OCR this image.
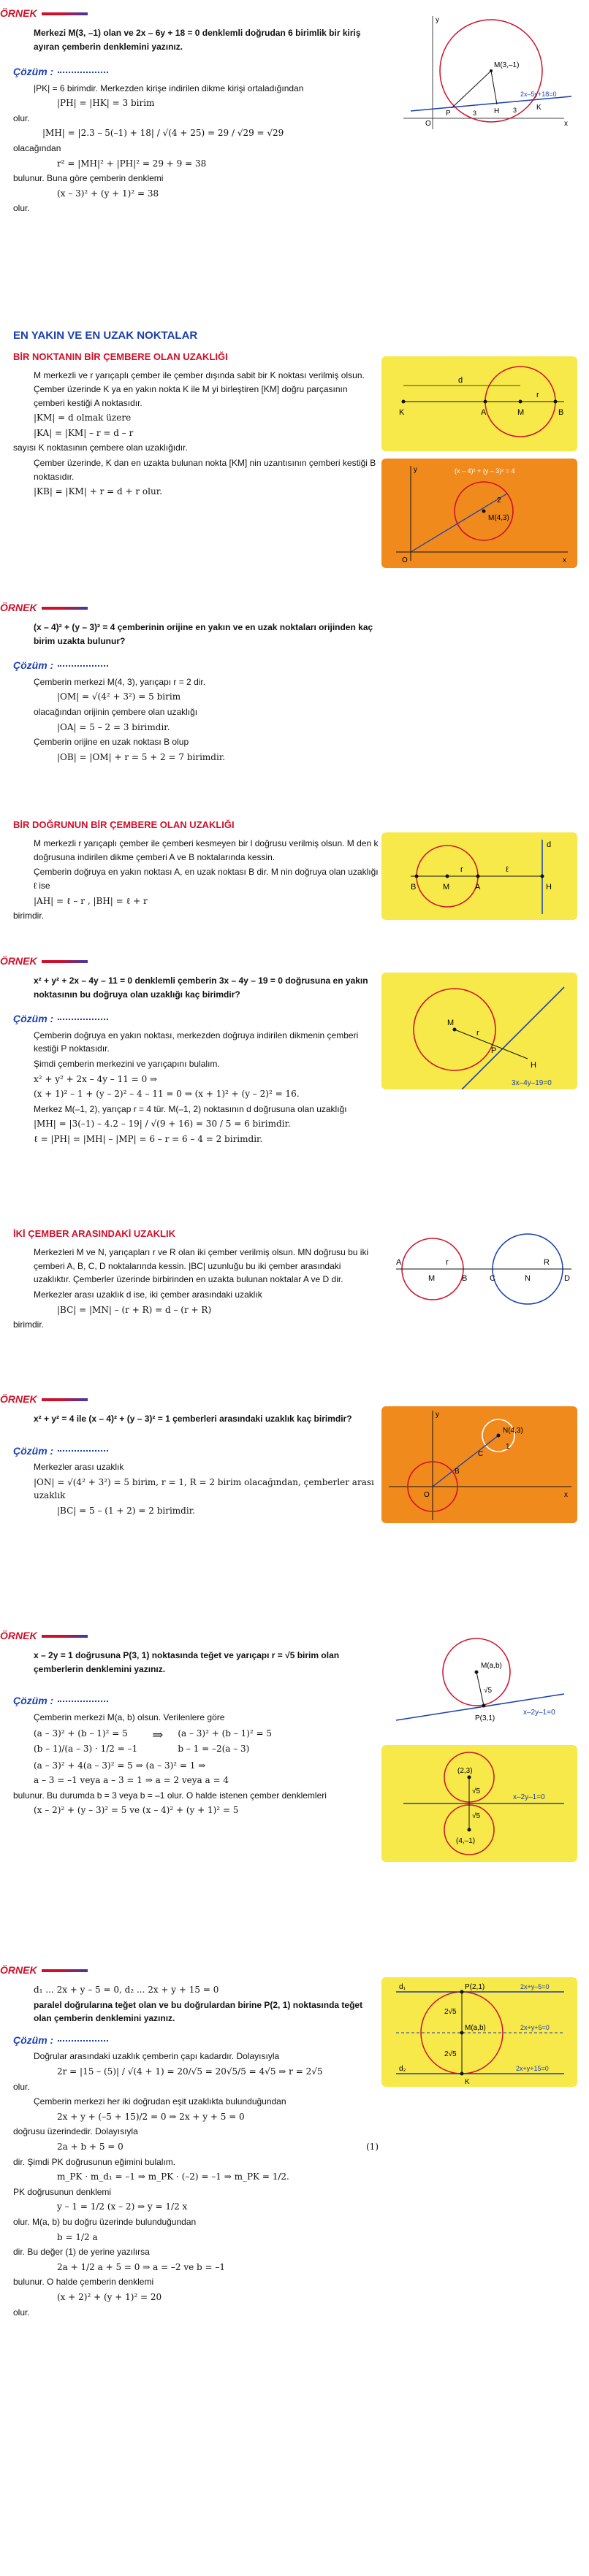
ÖRNEK

Merkezi M(3, –1) olan ve 2x – 6y + 18 = 0 denklemli doğrudan 6 birimlik bir kiriş ayıran çemberin denklemini yazınız.

Çözüm :

|PK| = 6 birimdir. Merkezden kirişe indirilen dikme kirişi ortaladığından

|PH| = |HK| = 3 birim

olur.

|MH| = |2.3 – 5(–1) + 18| / √(4 + 25) = 29 / √29 = √29

olacağından

r² = |MH|² + |PH|² = 29 + 9 = 38

bulunur. Buna göre çemberin denklemi

(x – 3)² + (y + 1)² = 38

olur.

M(3,–1)
2x–5y+18=0
P	H	K
3	3
O
y
x
EN YAKIN VE EN UZAK NOKTALAR
BİR NOKTANIN BİR ÇEMBERE OLAN UZAKLIĞI

M merkezli ve r yarıçaplı çember ile çember dışında sabit bir K noktası verilmiş olsun. Çember üzerinde K ya en yakın nokta K ile M yi birleştiren [KM] doğru parçasının çemberi kestiği A noktasıdır.

|KM| = d olmak üzere

|KA| = |KM| – r = d – r

sayısı K noktasının çembere olan uzaklığıdır.

Çember üzerinde, K dan en uzakta bulunan nokta [KM] nin uzantısının çemberi kestiği B noktasıdır.

|KB| = |KM| + r = d + r olur.

d
K	A	M
r
B
M(4,3)
2
O	x
y	(x – 4)² + (y – 3)² = 4
ÖRNEK

(x – 4)² + (y – 3)² = 4 çemberinin orijine en yakın ve en uzak noktaları orijinden kaç birim uzakta bulunur?

Çözüm :

Çemberin merkezi M(4, 3), yarıçapı r = 2 dir.

|OM| = √(4² + 3²) = 5 birim

olacağından orijinin çembere olan uzaklığı

|OA| = 5 – 2 = 3 birimdir.

Çemberin orijine en uzak noktası B olup

|OB| = |OM| + r = 5 + 2 = 7 birimdir.

BİR DOĞRUNUN BİR ÇEMBERE OLAN UZAKLIĞI

M merkezli r yarıçaplı çember ile çemberi kesmeyen bir l doğrusu verilmiş olsun. M den k doğrusuna indirilen dikme çemberi A ve B noktalarında kessin.

Çemberin doğruya en yakın noktası A, en uzak noktası B dir. M nin doğruya olan uzaklığı ℓ ise

|AH| = ℓ – r , |BH| = ℓ + r

birimdir.

B	M
r
A	H
ℓ
d
ÖRNEK

x² + y² + 2x – 4y – 11 = 0 denklemli çemberin 3x – 4y – 19 = 0 doğrusuna en yakın noktasının bu doğruya olan uzaklığı kaç birimdir?

Çözüm :

Çemberin doğruya en yakın noktası, merkezden doğruya indirilen dikmenin çemberi kestiği P noktasıdır.

Şimdi çemberin merkezini ve yarıçapını bulalım.

x² + y² + 2x – 4y – 11 = 0 ⇒

(x + 1)² – 1 + (y – 2)² – 4 – 11 = 0 ⇒ (x + 1)² + (y – 2)² = 16.

Merkez M(–1, 2), yarıçap r = 4 tür. M(–1, 2) noktasının d doğrusuna olan uzaklığı

|MH| = |3(–1) – 4.2 – 19| / √(9 + 16) = 30 / 5 = 6 birimdir.

ℓ = |PH| = |MH| – |MP| = 6 – r = 6 – 4 = 2 birimdir.

M
r
P
H
3x–4y–19=0
İKİ ÇEMBER ARASINDAKİ UZAKLIK

Merkezleri M ve N, yarıçapları r ve R olan iki çember verilmiş olsun. MN doğrusu bu iki çemberi A, B, C, D noktalarında kessin. |BC| uzunluğu bu iki çember arasındaki uzaklıktır. Çemberler üzerinde birbirinden en uzakta bulunan noktalar A ve D dir.

Merkezler arası uzaklık d ise, iki çember arasındaki uzaklık

|BC| = |MN| – (r + R) = d – (r + R)

birimdir.

A
M
r
B	C	N
R
D
ÖRNEK

x² + y² = 4 ile (x – 4)² + (y – 3)² = 1 çemberleri arasındaki uzaklık kaç birimdir?

Çözüm :

Merkezler arası uzaklık

|ON| = √(4² + 3²) = 5 birim, r = 1, R = 2 birim olacağından, çemberler arası uzaklık

|BC| = 5 – (1 + 2) = 2 birimdir.

N(4,3)
C
B
O
1
x
y
ÖRNEK

x – 2y = 1 doğrusuna P(3, 1) noktasında teğet ve yarıçapı r = √5 birim olan çemberlerin denklemini yazınız.

Çözüm :

Çemberin merkezi M(a, b) olsun. Verilenlere göre

(a – 3)² + (b – 1)² = 5

(b – 1)/(a – 3) · 1/2 = –1

⇒ (a – 3)² + (b – 1)² = 5

b – 1 = –2(a – 3)

(a – 3)² + 4(a – 3)² = 5 ⇒ (a – 3)² = 1 ⇒

a – 3 = –1 veya a – 3 = 1 ⇒ a = 2 veya a = 4

bulunur. Bu durumda b = 3 veya b = –1 olur. O halde istenen çember denklemleri

(x – 2)² + (y – 3)² = 5 ve (x – 4)² + (y + 1)² = 5

M(a,b)
√5
P(3,1)
x–2y–1=0
(2,3)
(4,–1)
√5
√5
x–2y–1=0
ÖRNEK

d₁ ... 2x + y – 5 = 0, d₂ ... 2x + y + 15 = 0

paralel doğrularına teğet olan ve bu doğrulardan birine P(2, 1) noktasında teğet olan çemberin denklemini yazınız.

Çözüm :

Doğrular arasındaki uzaklık çemberin çapı kadardır. Dolayısıyla

2r = |15 – (5)| / √(4 + 1) = 20/√5 = 20√5/5 = 4√5 ⇒ r = 2√5

olur.

Çemberin merkezi her iki doğrudan eşit uzaklıkta bulunduğundan

2x + y + (–5 + 15)/2 = 0 ⇒ 2x + y + 5 = 0

doğrusu üzerindedir. Dolayısıyla

2a + b + 5 = 0	(1)

dir. Şimdi PK doğrusunun eğimini bulalım.

m_PK · m_d₁ = –1 ⇒ m_PK · (–2) = –1 ⇒ m_PK = 1/2.

PK doğrusunun denklemi

y – 1 = 1/2 (x – 2) ⇒ y = 1/2 x

olur. M(a, b) bu doğru üzerinde bulunduğundan

b = 1/2 a

dir. Bu değer (1) de yerine yazılırsa

2a + 1/2 a + 5 = 0 ⇒ a = –2 ve b = –1

bulunur. O halde çemberin denklemi

(x + 2)² + (y + 1)² = 20

olur.

d₁
d₂
P(2,1)
M(a,b)
2√5
2√5
K
2x+y–5=0
2x+y+5=0
2x+y+15=0
